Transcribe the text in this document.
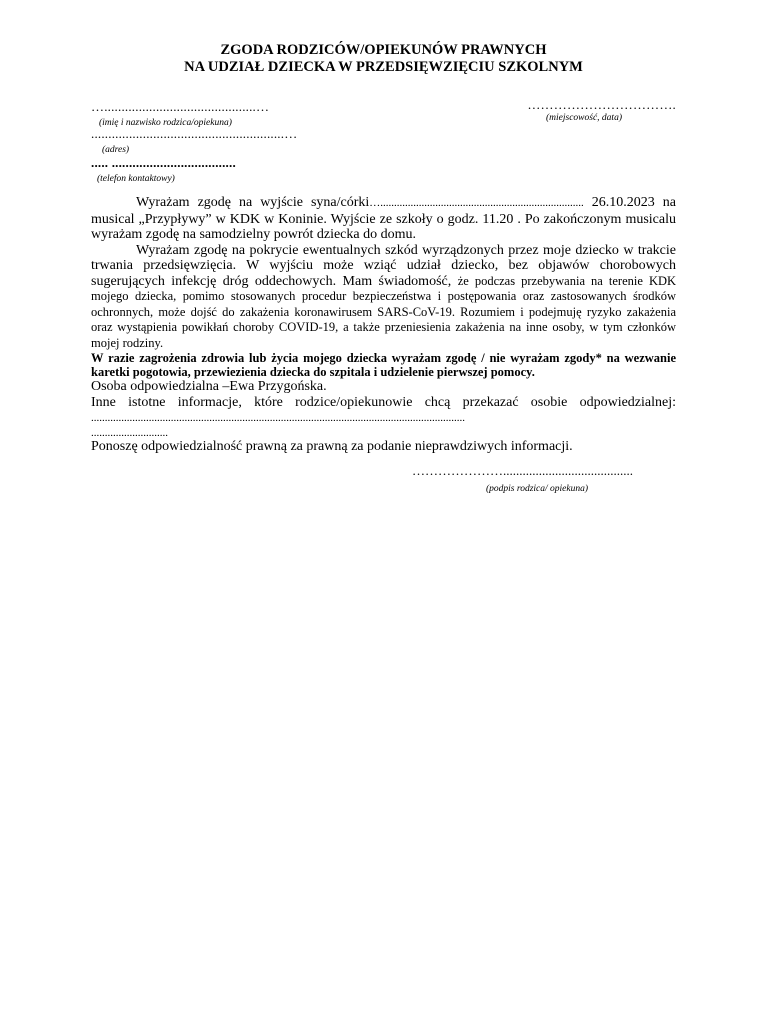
ZGODA RODZICÓW/OPIEKUNÓW PRAWNYCH
NA UDZIAŁ DZIECKA W PRZEDSIĘWZIĘCIU SZKOLNYM
…............................................…	…………………………….
(imię i nazwisko rodzica/opiekuna)	(miejscowość, data)
........................................................…
(adres)
..... ....................................
(telefon kontaktowy)
Wyrażam zgodę na wyjście syna/córki….......................................................................... 26.10.2023 na musical „Przypływy” w KDK w Koninie. Wyjście ze szkoły o godz. 11.20 . Po zakończonym musicalu wyrażam zgodę na samodzielny powrót dziecka do domu.
Wyrażam zgodę na pokrycie ewentualnych szkód wyrządzonych przez moje dziecko w trakcie trwania przedsięwzięcia. W wyjściu może wziąć udział dziecko, bez objawów chorobowych sugerujących infekcję dróg oddechowych. Mam świadomość, że podczas przebywania na terenie KDK mojego dziecka, pomimo stosowanych procedur bezpieczeństwa i postępowania oraz zastosowanych środków ochronnych, może dojść do zakażenia koronawirusem SARS-CoV-19. Rozumiem i podejmuję ryzyko zakażenia oraz wystąpienia powikłań choroby COVID-19, a także przeniesienia zakażenia na inne osoby, w tym członków mojej rodziny.
W razie zagrożenia zdrowia lub życia mojego dziecka wyrażam zgodę / nie wyrażam zgody* na wezwanie karetki pogotowia, przewiezienia dziecka do szpitala i udzielenie pierwszej pomocy.
Osoba odpowiedzialna –Ewa Przygońska.
Inne istotne informacje, które rodzice/opiekunowie chcą przekazać osobie odpowiedzialnej: ........................................................................................................................................
............................
Ponoszę odpowiedzialność prawną za prawną za podanie nieprawdziwych informacji.
…………………........................................
(podpis rodzica/ opiekuna)
